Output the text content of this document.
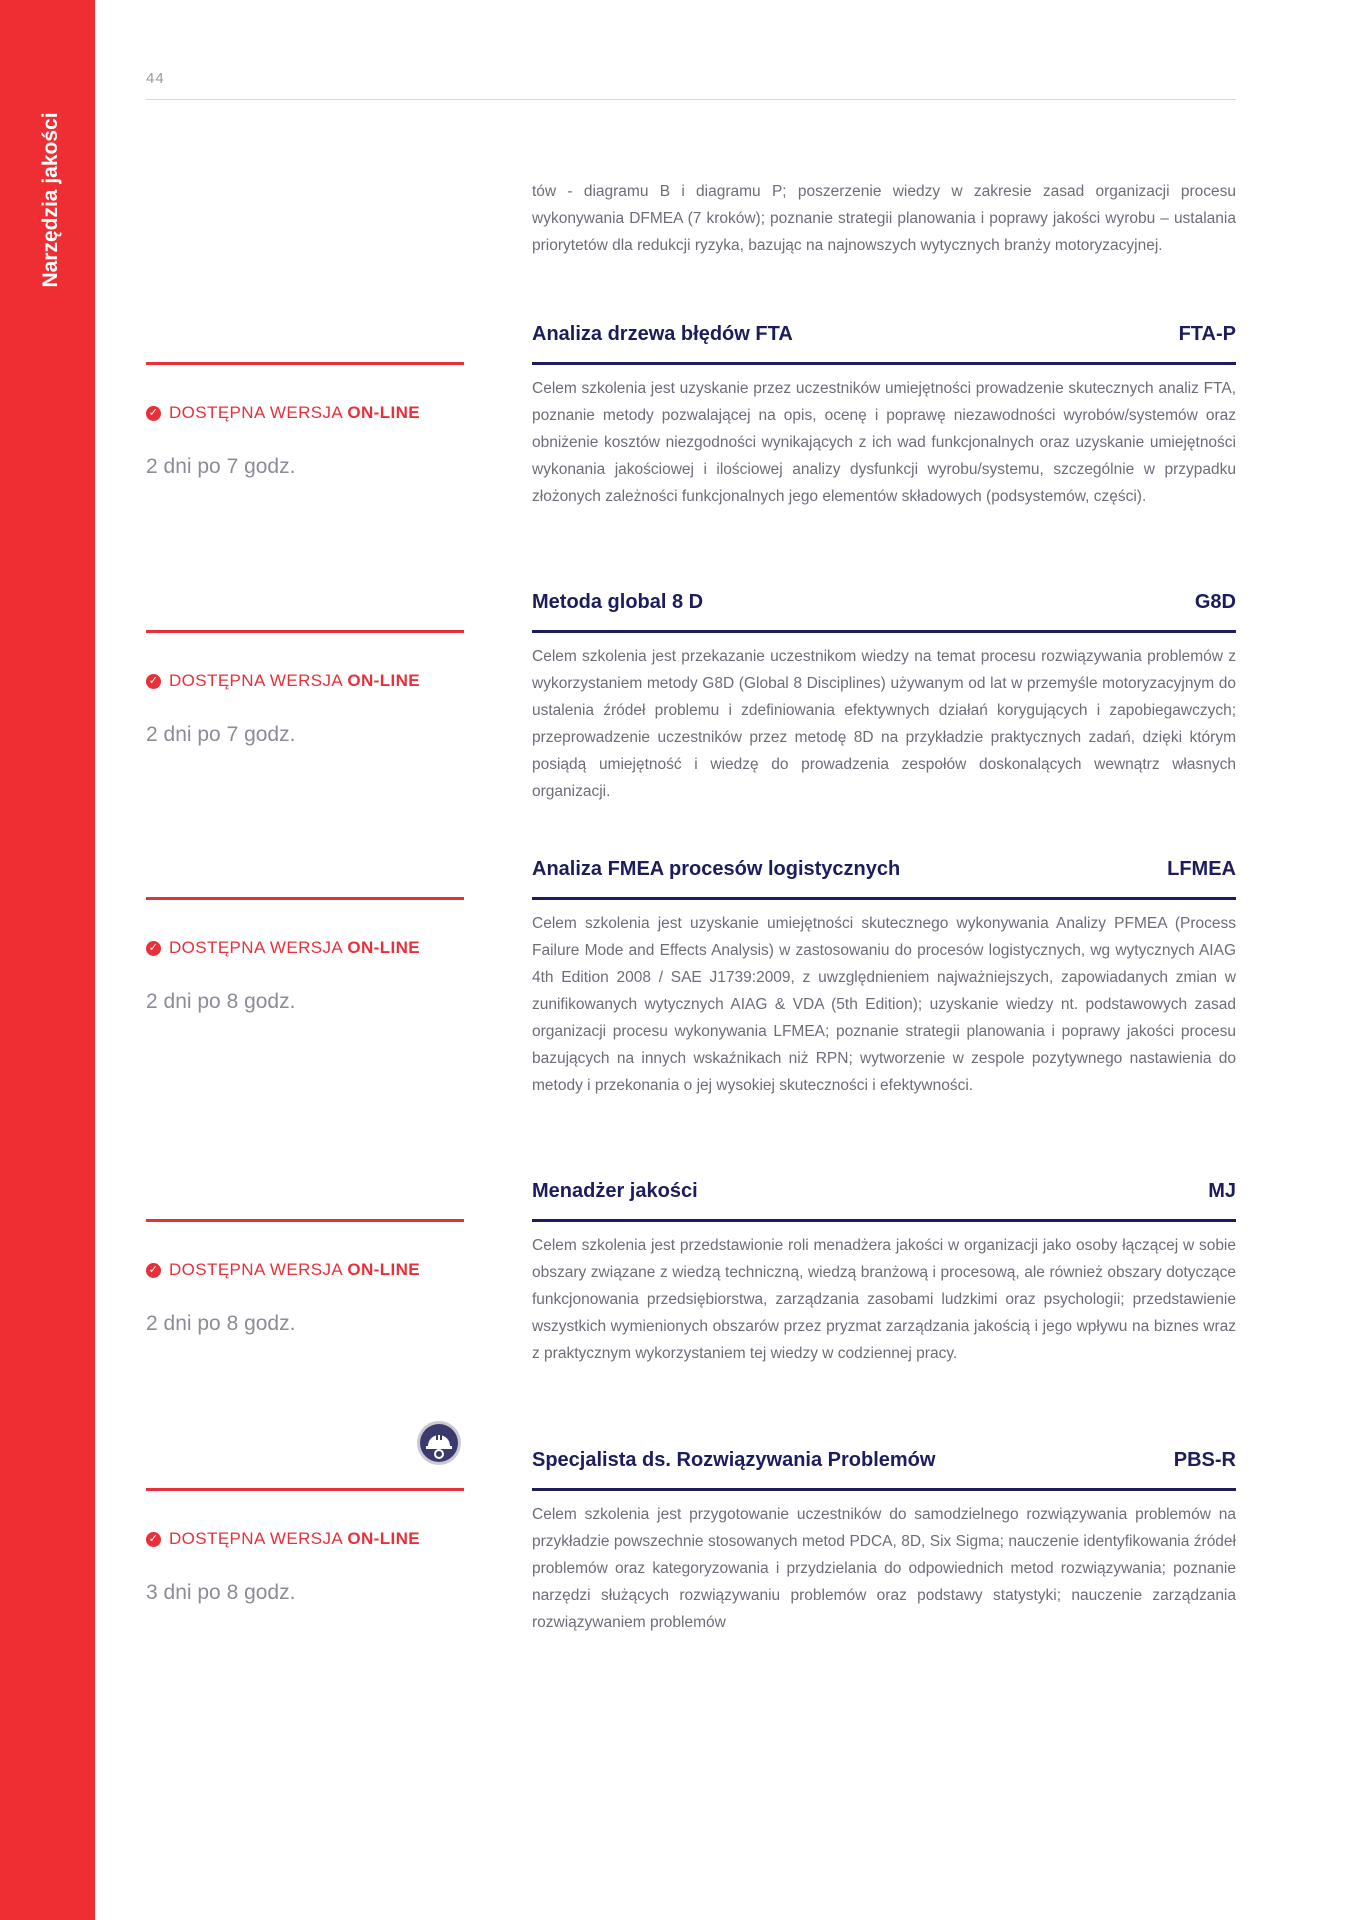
Narzędzia jakości
44

tów - diagramu B i diagramu P; poszerzenie wiedzy w zakresie zasad organizacji procesu wykonywania DFMEA (7 kroków); poznanie strategii planowania i poprawy jakości wyrobu – ustalania priorytetów dla redukcji ryzyka, bazując na najnowszych wytycznych branży motoryzacyjnej.

Analiza drzewa błędów FTA	FTA-P
✓ DOSTĘPNA WERSJA ON-LINE
2 dni po 7 godz.

Celem szkolenia jest uzyskanie przez uczestników umiejętności prowadzenie skutecznych analiz FTA, poznanie metody pozwalającej na opis, ocenę i poprawę niezawodności wyrobów/systemów oraz obniżenie kosztów niezgodności wynikających z ich wad funkcjonalnych oraz uzyskanie umiejętności wykonania jakościowej i ilościowej analizy dysfunkcji wyrobu/systemu, szczególnie w przypadku złożonych zależności funkcjonalnych jego elementów składowych (podsystemów, części).

Metoda global 8 D	G8D
✓ DOSTĘPNA WERSJA ON-LINE
2 dni po 7 godz.

Celem szkolenia jest przekazanie uczestnikom wiedzy na temat procesu rozwiązywania problemów z wykorzystaniem metody G8D (Global 8 Disciplines) używanym od lat w przemyśle motoryzacyjnym do ustalenia źródeł problemu i zdefiniowania efektywnych działań korygujących i zapobiegawczych; przeprowadzenie uczestników przez metodę 8D na przykładzie praktycznych zadań, dzięki którym posiądą umiejętność i wiedzę do prowadzenia zespołów doskonalących wewnątrz własnych organizacji.

Analiza FMEA procesów logistycznych	LFMEA
✓ DOSTĘPNA WERSJA ON-LINE
2 dni po 8 godz.

Celem szkolenia jest uzyskanie umiejętności skutecznego wykonywania Analizy PFMEA (Process Failure Mode and Effects Analysis) w zastosowaniu do procesów logistycznych, wg wytycznych AIAG 4th Edition 2008 / SAE J1739:2009, z uwzględnieniem najważniejszych, zapowiadanych zmian w zunifikowanych wytycznych AIAG & VDA (5th Edition); uzyskanie wiedzy nt. podstawowych zasad organizacji procesu wykonywania LFMEA; poznanie strategii planowania i poprawy jakości procesu bazujących na innych wskaźnikach niż RPN; wytworzenie w zespole pozytywnego nastawienia do metody i przekonania o jej wysokiej skuteczności i efektywności.

Menadżer jakości	MJ
✓ DOSTĘPNA WERSJA ON-LINE
2 dni po 8 godz.

Celem szkolenia jest przedstawionie roli menadżera jakości w organizacji jako osoby łączącej w sobie obszary związane z wiedzą techniczną, wiedzą branżową i procesową, ale również obszary dotyczące funkcjonowania przedsiębiorstwa, zarządzania zasobami ludzkimi oraz psychologii; przedstawienie wszystkich wymienionych obszarów przez pryzmat zarządzania jakością i jego wpływu na biznes wraz z praktycznym wykorzystaniem tej wiedzy w codziennej pracy.

Specjalista ds. Rozwiązywania Problemów	PBS-R
✓ DOSTĘPNA WERSJA ON-LINE
3 dni po 8 godz.

Celem szkolenia jest przygotowanie uczestników do samodzielnego rozwiązywania problemów na przykładzie powszechnie stosowanych metod PDCA, 8D, Six Sigma; nauczenie identyfikowania źródeł problemów oraz kategoryzowania i przydzielania do odpowiednich metod rozwiązywania; poznanie narzędzi służących rozwiązywaniu problemów oraz podstawy statystyki; nauczenie zarządzania rozwiązywaniem problemów
